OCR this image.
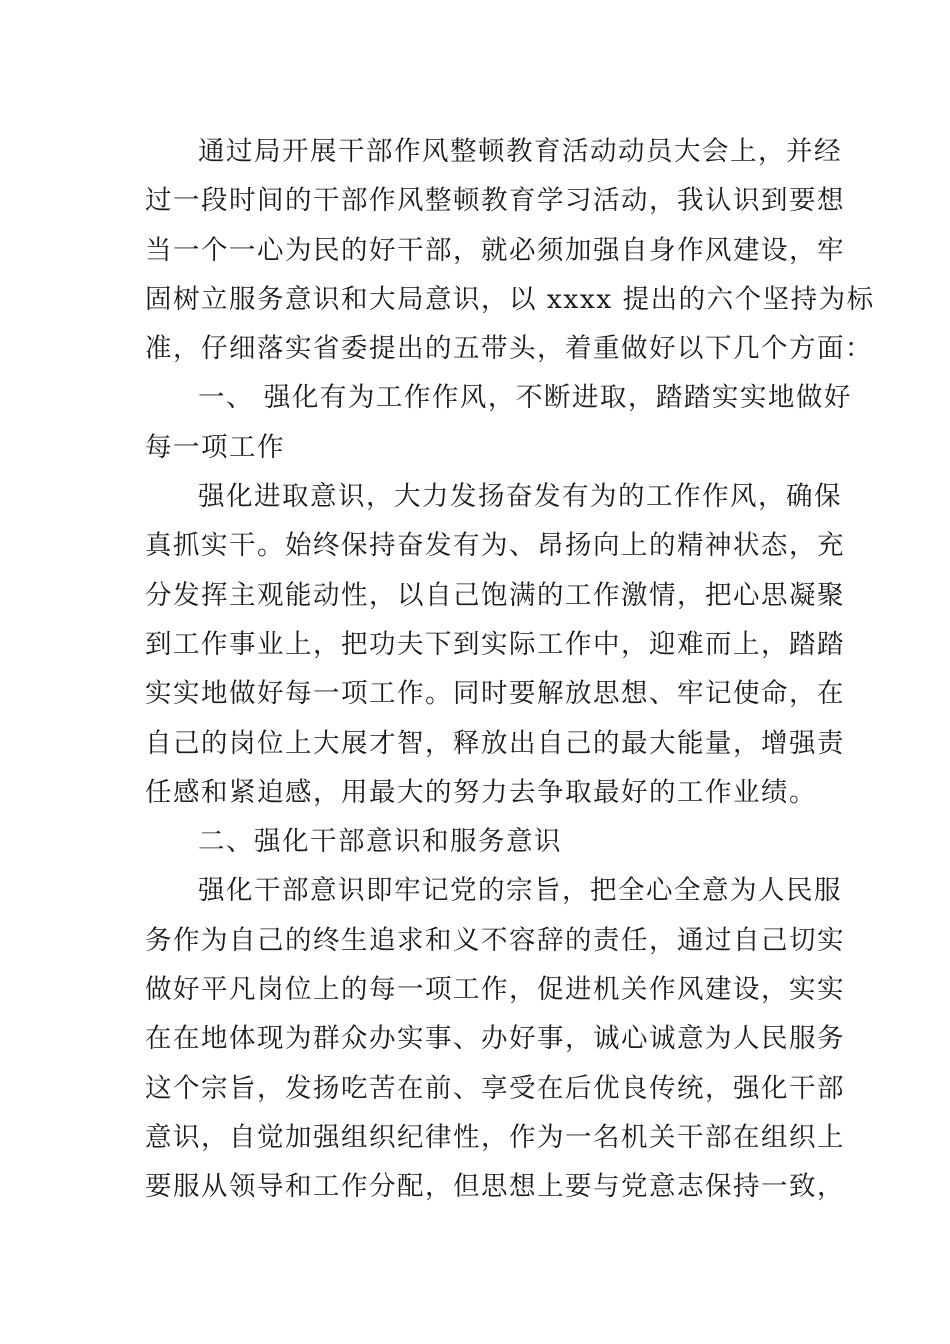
通过局开展干部作风整顿教育活动动员大会上，并经
过一段时间的干部作风整顿教育学习活动，我认识到要想
当一个一心为民的好干部，就必须加强自身作风建设，牢
固树立服务意识和大局意识，以 xxxx 提出的六个坚持为标
准，仔细落实省委提出的五带头，着重做好以下几个方面：
一、 强化有为工作作风，不断进取，踏踏实实地做好
每一项工作
强化进取意识，大力发扬奋发有为的工作作风，确保
真抓实干。始终保持奋发有为、昂扬向上的精神状态，充
分发挥主观能动性，以自己饱满的工作激情，把心思凝聚
到工作事业上，把功夫下到实际工作中，迎难而上，踏踏
实实地做好每一项工作。同时要解放思想、牢记使命，在
自己的岗位上大展才智，释放出自己的最大能量，增强责
任感和紧迫感，用最大的努力去争取最好的工作业绩。
二、强化干部意识和服务意识
强化干部意识即牢记党的宗旨，把全心全意为人民服
务作为自己的终生追求和义不容辞的责任，通过自己切实
做好平凡岗位上的每一项工作，促进机关作风建设，实实
在在地体现为群众办实事、办好事，诚心诚意为人民服务
这个宗旨，发扬吃苦在前、享受在后优良传统，强化干部
意识，自觉加强组织纪律性，作为一名机关干部在组织上
要服从领导和工作分配，但思想上要与党意志保持一致，
